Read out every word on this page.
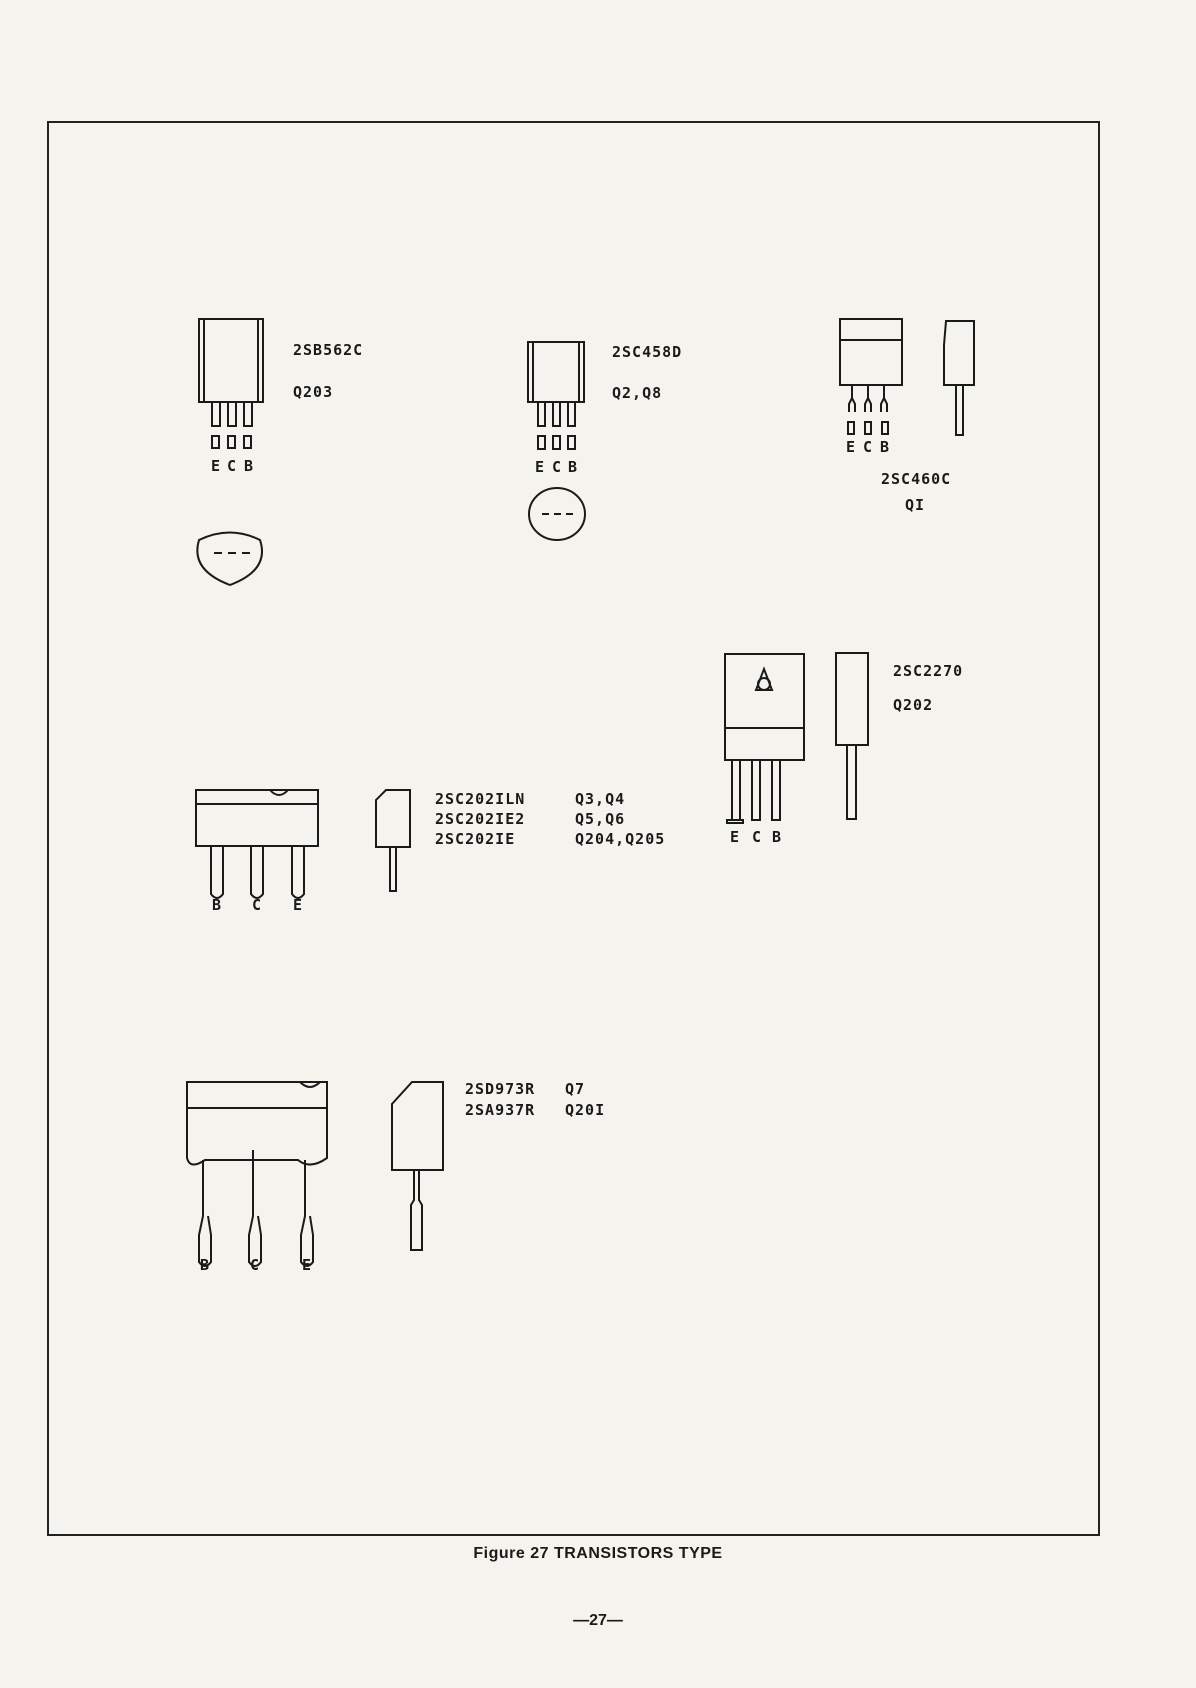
2SB562C
Q203
E C B
2SC458D
Q2,Q8
E C B
E C B
2SC460C
QI
2SC2270
Q202
E C B
2SC202ILN
2SC202IE2
2SC202IE
Q3,Q4
Q5,Q6
Q204,Q205
B C E
2SD973R
2SA937R
Q7
Q20I
B	C	E
Figure 27 TRANSISTORS TYPE
—27—
